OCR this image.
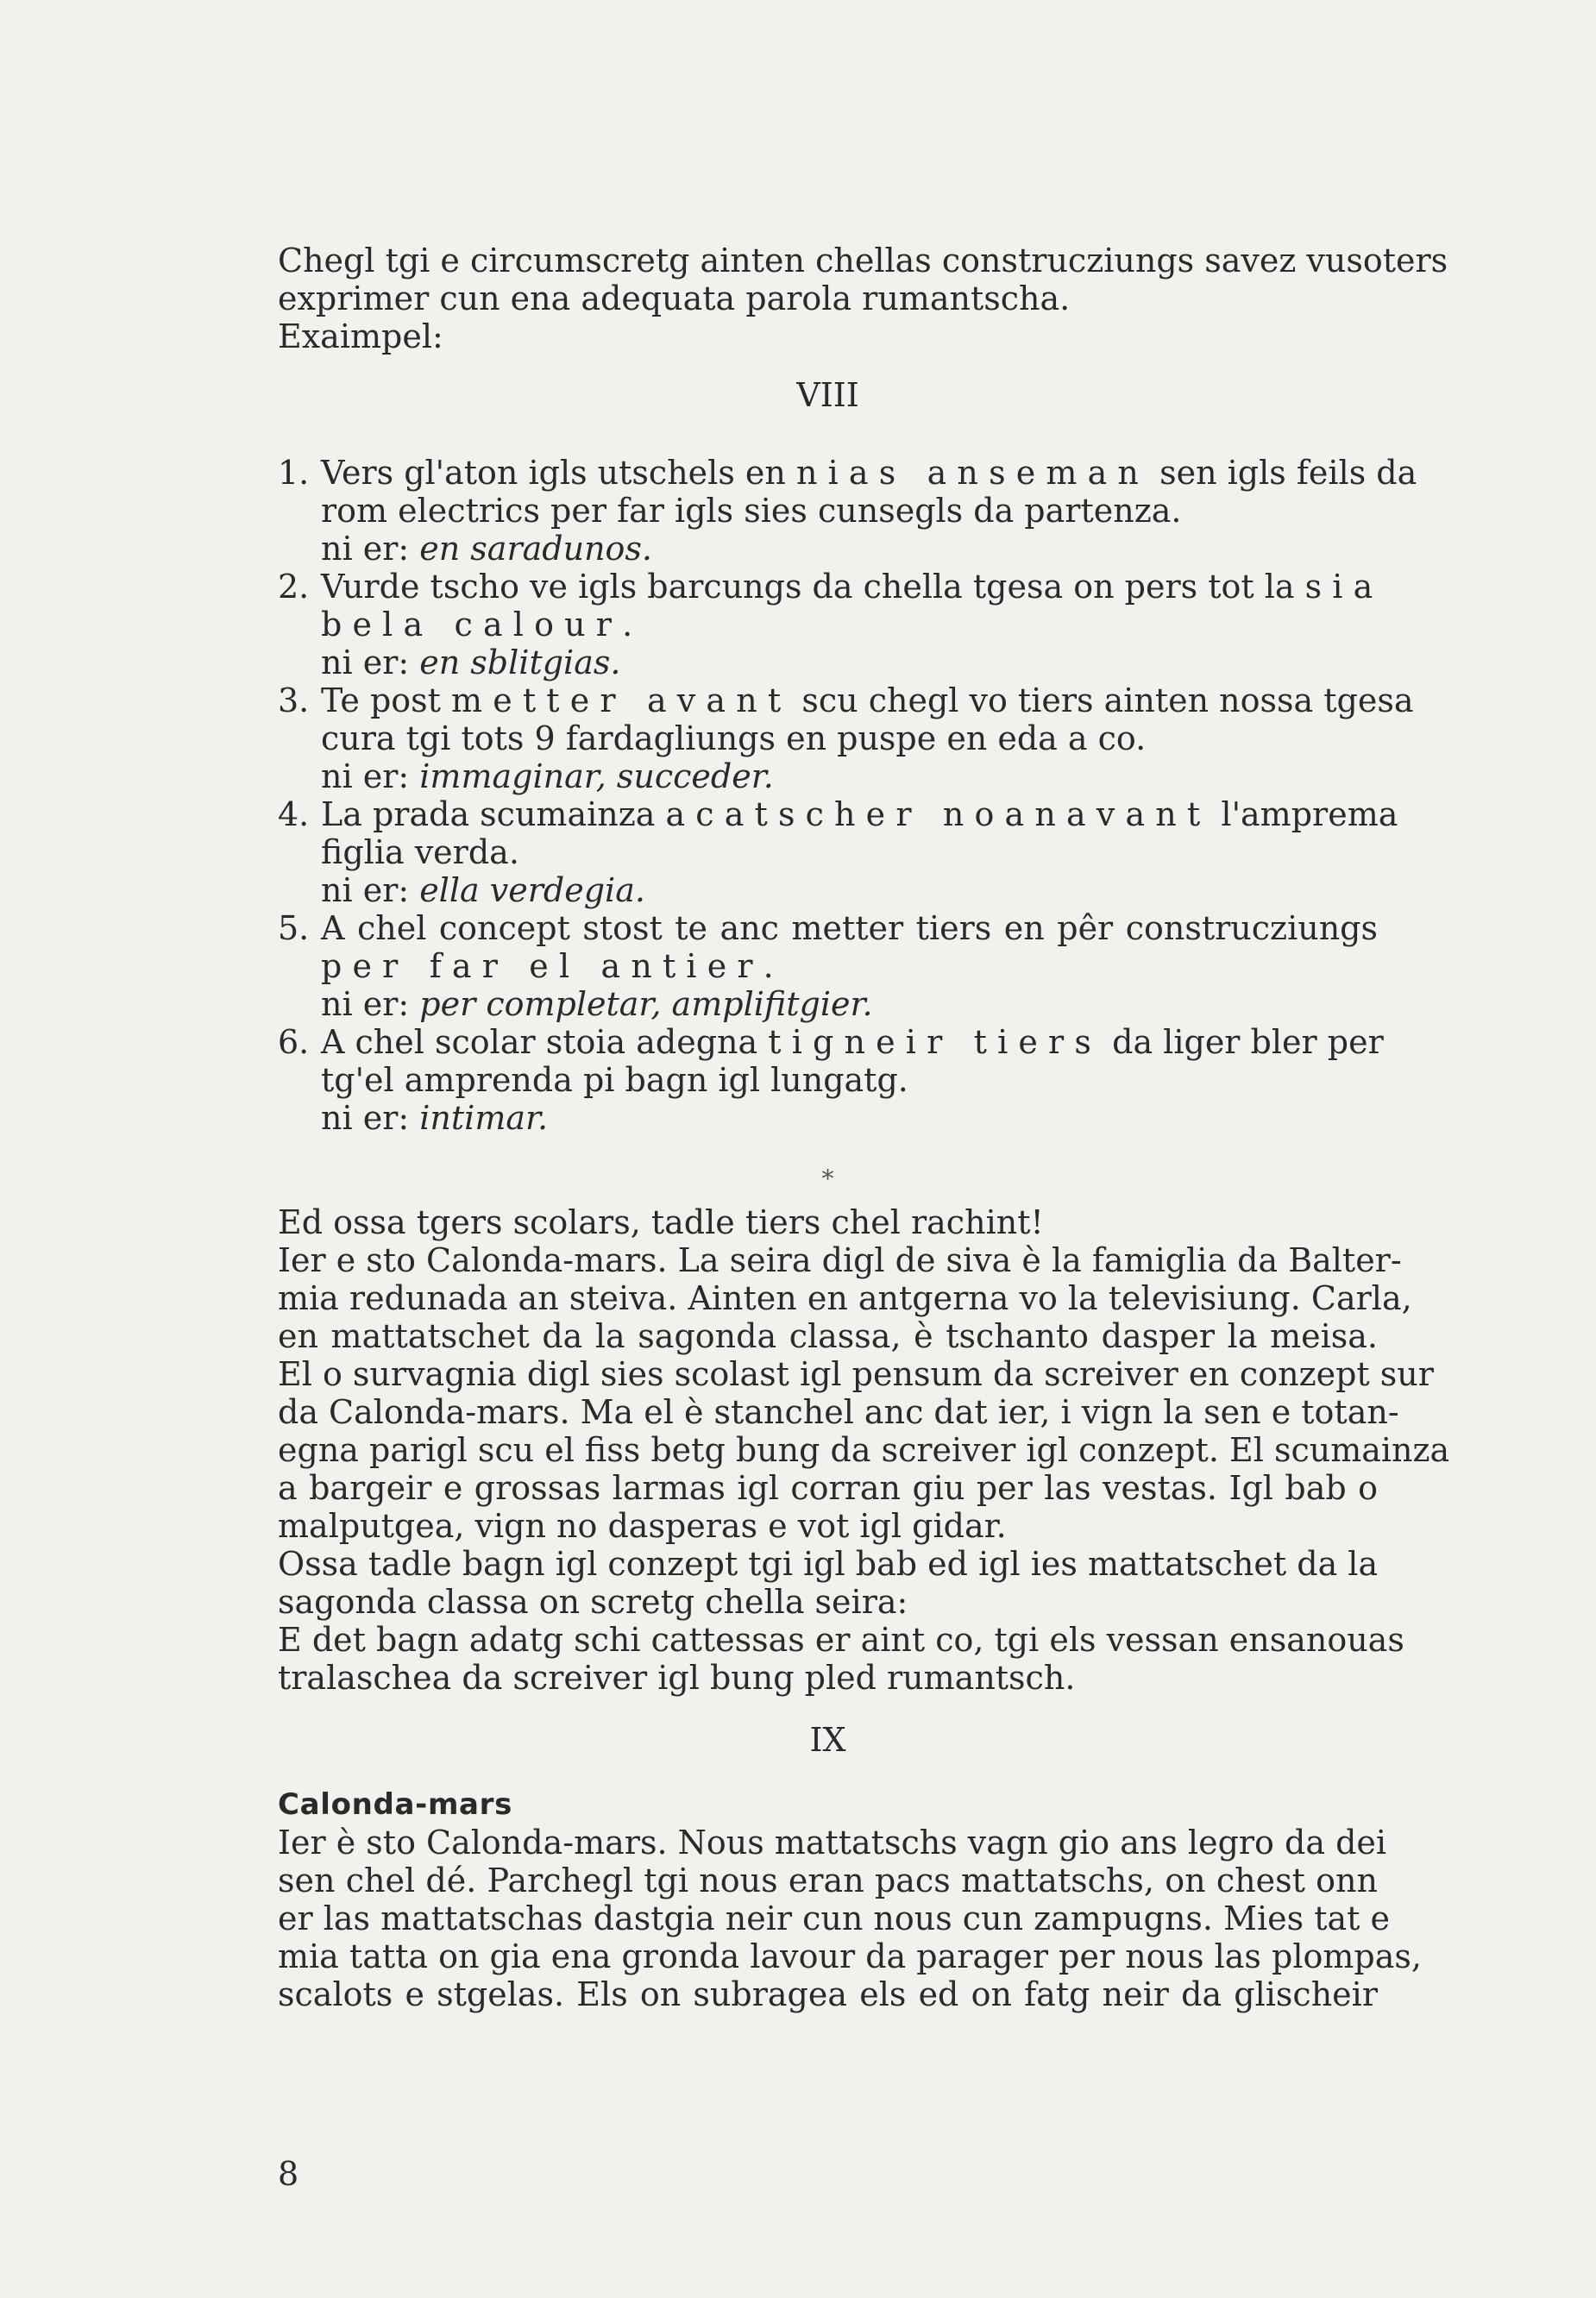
Chegl tgi e circumscretg ainten chellas construcziungs savez vusoters
exprimer cun ena adequata parola rumantscha.
Exaimpel:
VIII
1. Vers gl'aton igls utschels en nias anseman sen igls feils da
rom electrics per far igls sies cunsegls da partenza.
ni er: en saradunos.
2. Vurde tscho ve igls barcungs da chella tgesa on pers tot la sia
bela calour.
ni er: en sblitgias.
3. Te post metter avant scu chegl vo tiers ainten nossa tgesa
cura tgi tots 9 fardagliungs en puspe en eda a co.
ni er: immaginar, succeder.
4. La prada scumainza a catscher noanavant l'amprema
figlia verda.
ni er: ella verdegia.
5. A chel concept stost te anc metter tiers en pêr construcziungs
per far el antier.
ni er: per completar, amplifitgier.
6. A chel scolar stoia adegna tigneir tiers da liger bler per
tg'el amprenda pi bagn igl lungatg.
ni er: intimar.
*
Ed ossa tgers scolars, tadle tiers chel rachint!
Ier e sto Calonda-mars. La seira digl de siva è la famiglia da Balter-
mia redunada an steiva. Ainten en antgerna vo la televisiung. Carla,
en mattatschet da la sagonda classa, è tschanto dasper la meisa.
El o survagnia digl sies scolast igl pensum da screiver en conzept sur
da Calonda-mars. Ma el è stanchel anc dat ier, i vign la sen e totan-
egna parigl scu el fiss betg bung da screiver igl conzept. El scumainza
a bargeir e grossas larmas igl corran giu per las vestas. Igl bab o
malputgea, vign no dasperas e vot igl gidar.
Ossa tadle bagn igl conzept tgi igl bab ed igl ies mattatschet da la
sagonda classa on scretg chella seira:
E det bagn adatg schi cattessas er aint co, tgi els vessan ensanouas
tralaschea da screiver igl bung pled rumantsch.
IX
Calonda-mars
Ier è sto Calonda-mars. Nous mattatschs vagn gio ans legro da dei
sen chel dé. Parchegl tgi nous eran pacs mattatschs, on chest onn
er las mattatschas dastgia neir cun nous cun zampugns. Mies tat e
mia tatta on gia ena gronda lavour da parager per nous las plompas,
scalots e stgelas. Els on subragea els ed on fatg neir da glischeir
8
